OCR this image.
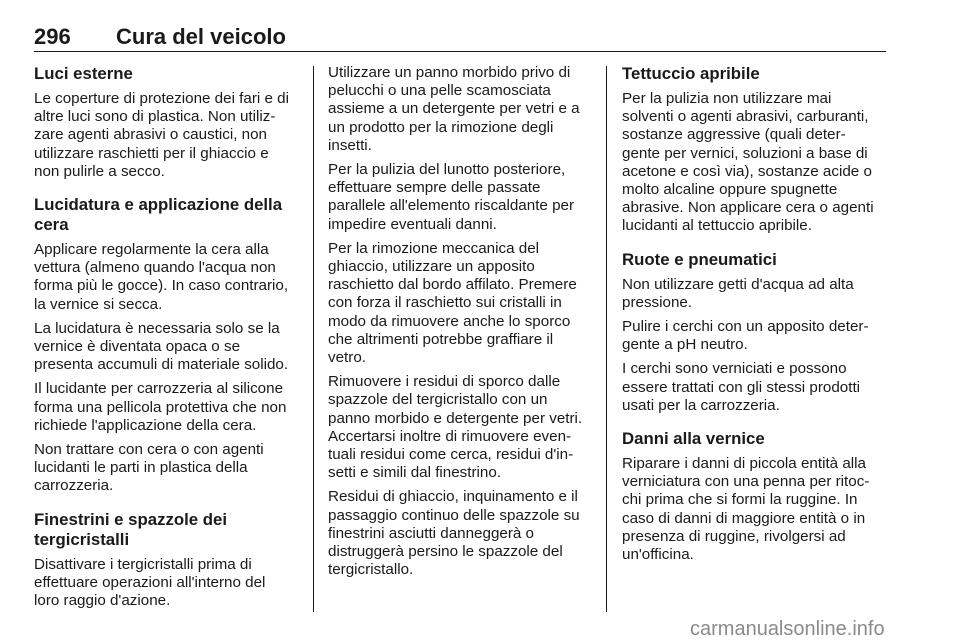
296 Cura del veicolo
Luci esterne

Le coperture di protezione dei fari e di
altre luci sono di plastica. Non utiliz-
zare agenti abrasivi o caustici, non
utilizzare raschietti per il ghiaccio e
non pulirle a secco.

Lucidatura e applicazione della
cera

Applicare regolarmente la cera alla
vettura (almeno quando l'acqua non
forma più le gocce). In caso contrario,
la vernice si secca.

La lucidatura è necessaria solo se la
vernice è diventata opaca o se
presenta accumuli di materiale solido.

Il lucidante per carrozzeria al silicone
forma una pellicola protettiva che non
richiede l'applicazione della cera.

Non trattare con cera o con agenti
lucidanti le parti in plastica della
carrozzeria.

Finestrini e spazzole dei
tergicristalli

Disattivare i tergicristalli prima di
effettuare operazioni all'interno del
loro raggio d'azione.

Utilizzare un panno morbido privo di
pelucchi o una pelle scamosciata
assieme a un detergente per vetri e a
un prodotto per la rimozione degli
insetti.

Per la pulizia del lunotto posteriore,
effettuare sempre delle passate
parallele all'elemento riscaldante per
impedire eventuali danni.

Per la rimozione meccanica del
ghiaccio, utilizzare un apposito
raschietto dal bordo affilato. Premere
con forza il raschietto sui cristalli in
modo da rimuovere anche lo sporco
che altrimenti potrebbe graffiare il
vetro.

Rimuovere i residui di sporco dalle
spazzole del tergicristallo con un
panno morbido e detergente per vetri.
Accertarsi inoltre di rimuovere even-
tuali residui come cerca, residui d'in-
setti e simili dal finestrino.

Residui di ghiaccio, inquinamento e il
passaggio continuo delle spazzole su
finestrini asciutti danneggerà o
distruggerà persino le spazzole del
tergicristallo.

Tettuccio apribile

Per la pulizia non utilizzare mai
solventi o agenti abrasivi, carburanti,
sostanze aggressive (quali deter-
gente per vernici, soluzioni a base di
acetone e così via), sostanze acide o
molto alcaline oppure spugnette
abrasive. Non applicare cera o agenti
lucidanti al tettuccio apribile.

Ruote e pneumatici

Non utilizzare getti d'acqua ad alta
pressione.

Pulire i cerchi con un apposito deter-
gente a pH neutro.

I cerchi sono verniciati e possono
essere trattati con gli stessi prodotti
usati per la carrozzeria.

Danni alla vernice

Riparare i danni di piccola entità alla
verniciatura con una penna per ritoc-
chi prima che si formi la ruggine. In
caso di danni di maggiore entità o in
presenza di ruggine, rivolgersi ad
un'officina.

carmanualsonline.info
